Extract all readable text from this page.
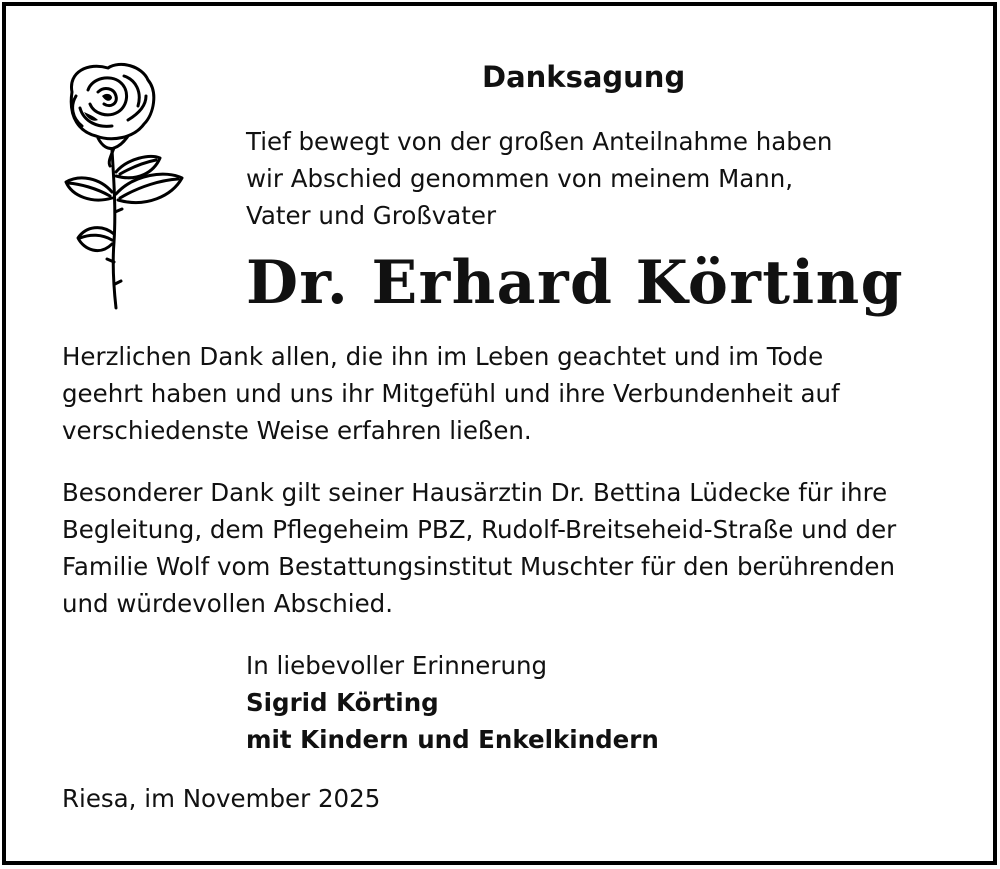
Danksagung
Tief bewegt von der großen Anteilnahme haben
wir Abschied genommen von meinem Mann,
Vater und Großvater
Dr. Erhard Körting
Herzlichen Dank allen, die ihn im Leben geachtet und im Tode
geehrt haben und uns ihr Mitgefühl und ihre Verbundenheit auf
verschiedenste Weise erfahren ließen.
Besonderer Dank gilt seiner Hausärztin Dr. Bettina Lüdecke für ihre
Begleitung, dem Pflegeheim PBZ, Rudolf-Breitseheid-Straße und der
Familie Wolf vom Bestattungsinstitut Muschter für den berührenden
und würdevollen Abschied.
In liebevoller Erinnerung
Sigrid Körting
mit Kindern und Enkelkindern
Riesa, im November 2025
